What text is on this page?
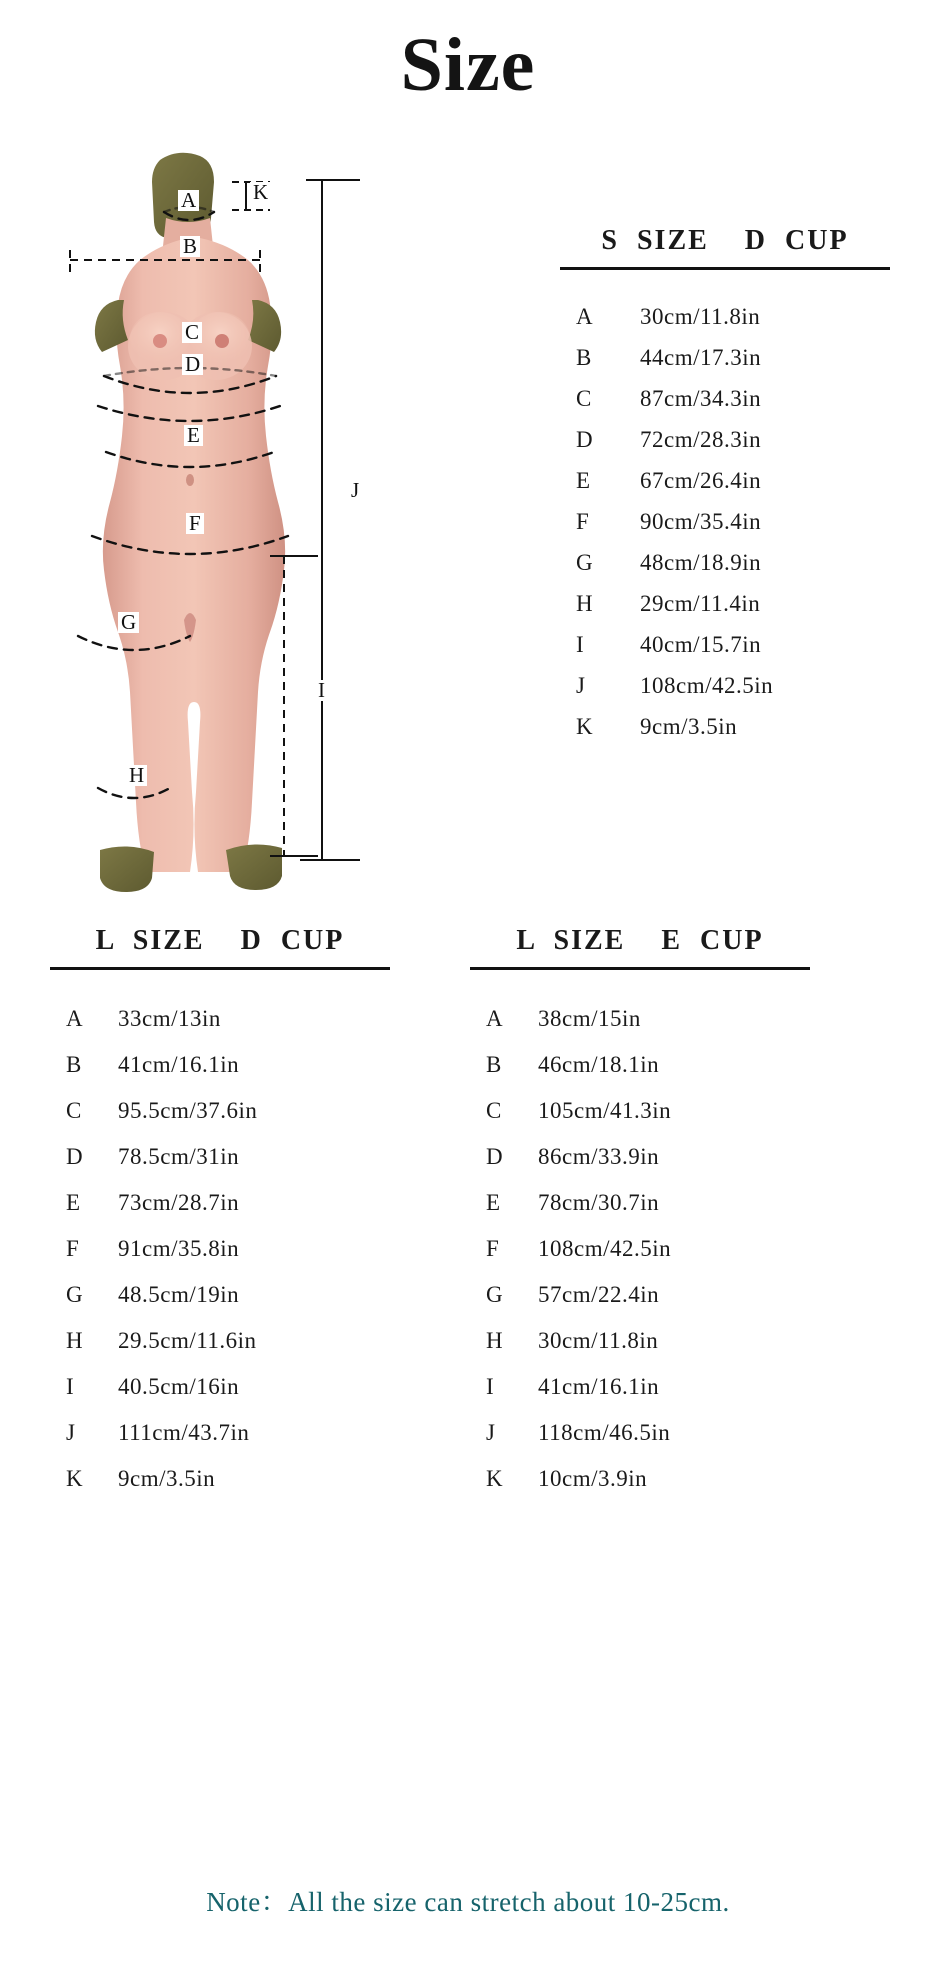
Size
A
B
C
D
E
F
G
H
I
J
K
S  SIZE    D  CUP
A	30cm/11.8in
B	44cm/17.3in
C	87cm/34.3in
D	72cm/28.3in
E	67cm/26.4in
F	90cm/35.4in
G	48cm/18.9in
H	29cm/11.4in
I	40cm/15.7in
J	108cm/42.5in
K	9cm/3.5in
L  SIZE    D  CUP
A	33cm/13in
B	41cm/16.1in
C	95.5cm/37.6in
D	78.5cm/31in
E	73cm/28.7in
F	91cm/35.8in
G	48.5cm/19in
H	29.5cm/11.6in
I	40.5cm/16in
J	111cm/43.7in
K	9cm/3.5in
L  SIZE    E  CUP
A	38cm/15in
B	46cm/18.1in
C	105cm/41.3in
D	86cm/33.9in
E	78cm/30.7in
F	108cm/42.5in
G	57cm/22.4in
H	30cm/11.8in
I	41cm/16.1in
J	118cm/46.5in
K	10cm/3.9in
Note：All the size can stretch about 10-25cm.
